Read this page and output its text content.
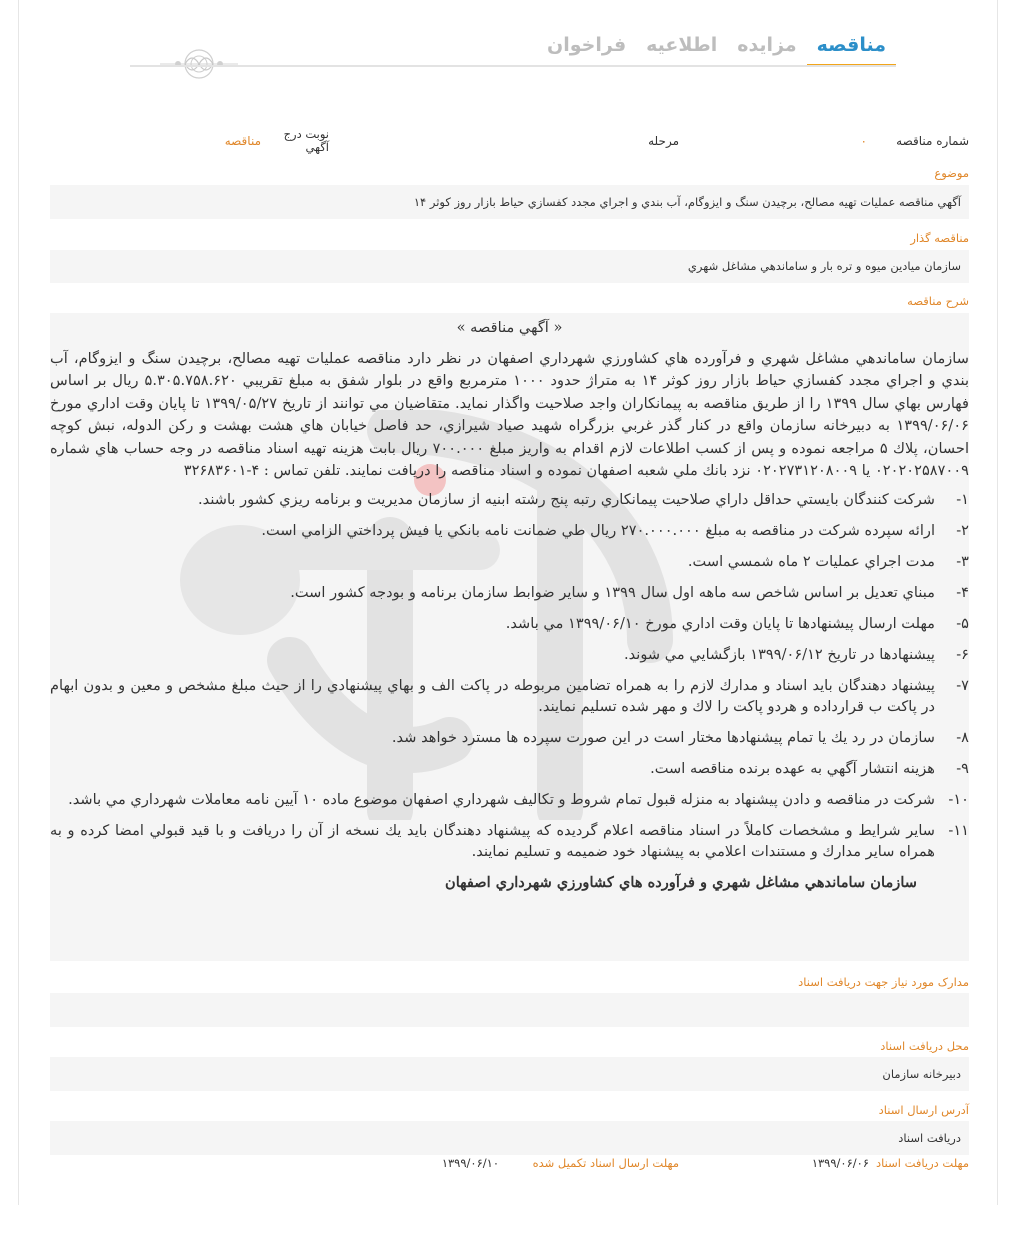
مناقصه
مزايده
اطلاعيه
فراخوان
شماره مناقصه
۰
مرحله
نوبت درج آگهي
مناقصه
موضوع
آگهي مناقصه عمليات تهيه مصالح، برچيدن سنگ و ايزوگام، آب بندي و اجراي مجدد كفسازي حياط بازار روز كوثر ۱۴
مناقصه گذار
سازمان ميادين ميوه و تره بار و ساماندهي مشاغل شهري
شرح مناقصه
« آگهي مناقصه »
سازمان ساماندهي مشاغل شهري و فرآورده هاي كشاورزي شهرداري اصفهان در نظر دارد مناقصه عمليات تهيه مصالح، برچيدن سنگ و ايزوگام، آب بندي و اجراي مجدد كفسازي حياط بازار روز كوثر ۱۴ به متراژ حدود ۱۰۰۰ مترمربع واقع در بلوار شفق به مبلغ تقريبي ۵.۳۰۵.۷۵۸.۶۲۰ ريال بر اساس فهارس بهاي سال ۱۳۹۹ را از طريق مناقصه به پيمانكاران واجد صلاحيت واگذار نمايد. متقاضيان مي توانند از تاريخ ۱۳۹۹/۰۵/۲۷ تا پايان وقت اداري مورخ ۱۳۹۹/۰۶/۰۶ به دبيرخانه سازمان واقع در كنار گذر غربي بزرگراه شهيد صياد شيرازي، حد فاصل خيابان هاي هشت بهشت و ركن الدوله، نبش كوچه احسان، پلاك ۵ مراجعه نموده و پس از كسب اطلاعات لازم اقدام به واريز مبلغ ۷۰۰.۰۰۰ ريال بابت هزينه تهيه اسناد مناقصه در وجه حساب هاي شماره ۰۲۰۲۰۲۵۸۷۰۰۹ يا ۰۲۰۲۷۳۱۲۰۸۰۰۹ نزد بانك ملي شعبه اصفهان نموده و اسناد مناقصه را دريافت نمايند. تلفن تماس : ۴-۳۲۶۸۳۶۰۱
۱-
شركت كنندگان بايستي حداقل داراي صلاحيت پيمانكاري رتبه پنج رشته ابنيه از سازمان مديريت و برنامه ريزي كشور باشند.
۲-
ارائه سپرده شركت در مناقصه به مبلغ ۲۷۰.۰۰۰.۰۰۰ ريال طي ضمانت نامه بانكي يا فيش پرداختي الزامي است.
۳-
مدت اجراي عمليات ۲ ماه شمسي است.
۴-
مبناي تعديل بر اساس شاخص سه ماهه اول سال ۱۳۹۹ و ساير ضوابط سازمان برنامه و بودجه كشور است.
۵-
مهلت ارسال پيشنهادها تا پايان وقت اداري مورخ ۱۳۹۹/۰۶/۱۰ مي باشد.
۶-
پيشنهادها در تاريخ ۱۳۹۹/۰۶/۱۲ بازگشايي مي شوند.
۷-
پيشنهاد دهندگان بايد اسناد و مدارك لازم را به همراه تضامين مربوطه در پاكت الف و بهاي پيشنهادي را از حيث مبلغ مشخص و معين و بدون ابهام در پاكت ب قرارداده و هردو پاكت را لاك و مهر شده تسليم نمايند.
۸-
سازمان در رد يك يا تمام پيشنهادها مختار است در اين صورت سپرده ها مسترد خواهد شد.
۹-
هزينه انتشار آگهي به عهده برنده مناقصه است.
۱۰-
شركت در مناقصه و دادن پيشنهاد به منزله قبول تمام شروط و تكاليف شهرداري اصفهان موضوع ماده ۱۰ آيين نامه معاملات شهرداري مي باشد.
۱۱-
ساير شرايط و مشخصات كاملاً در اسناد مناقصه اعلام گرديده كه پيشنهاد دهندگان بايد يك نسخه از آن را دريافت و با قيد قبولي امضا كرده و به همراه ساير مدارك و مستندات اعلامي به پيشنهاد خود ضميمه و تسليم نمايند.
سازمان ساماندهي مشاغل شهري و فرآورده هاي كشاورزي شهرداري اصفهان
مدارک مورد نياز جهت دريافت اسناد
محل دريافت اسناد
دبيرخانه سازمان
آدرس ارسال اسناد
دريافت اسناد
مهلت دريافت اسناد
۱۳۹۹/۰۶/۰۶
مهلت ارسال اسناد تكميل شده
۱۳۹۹/۰۶/۱۰
